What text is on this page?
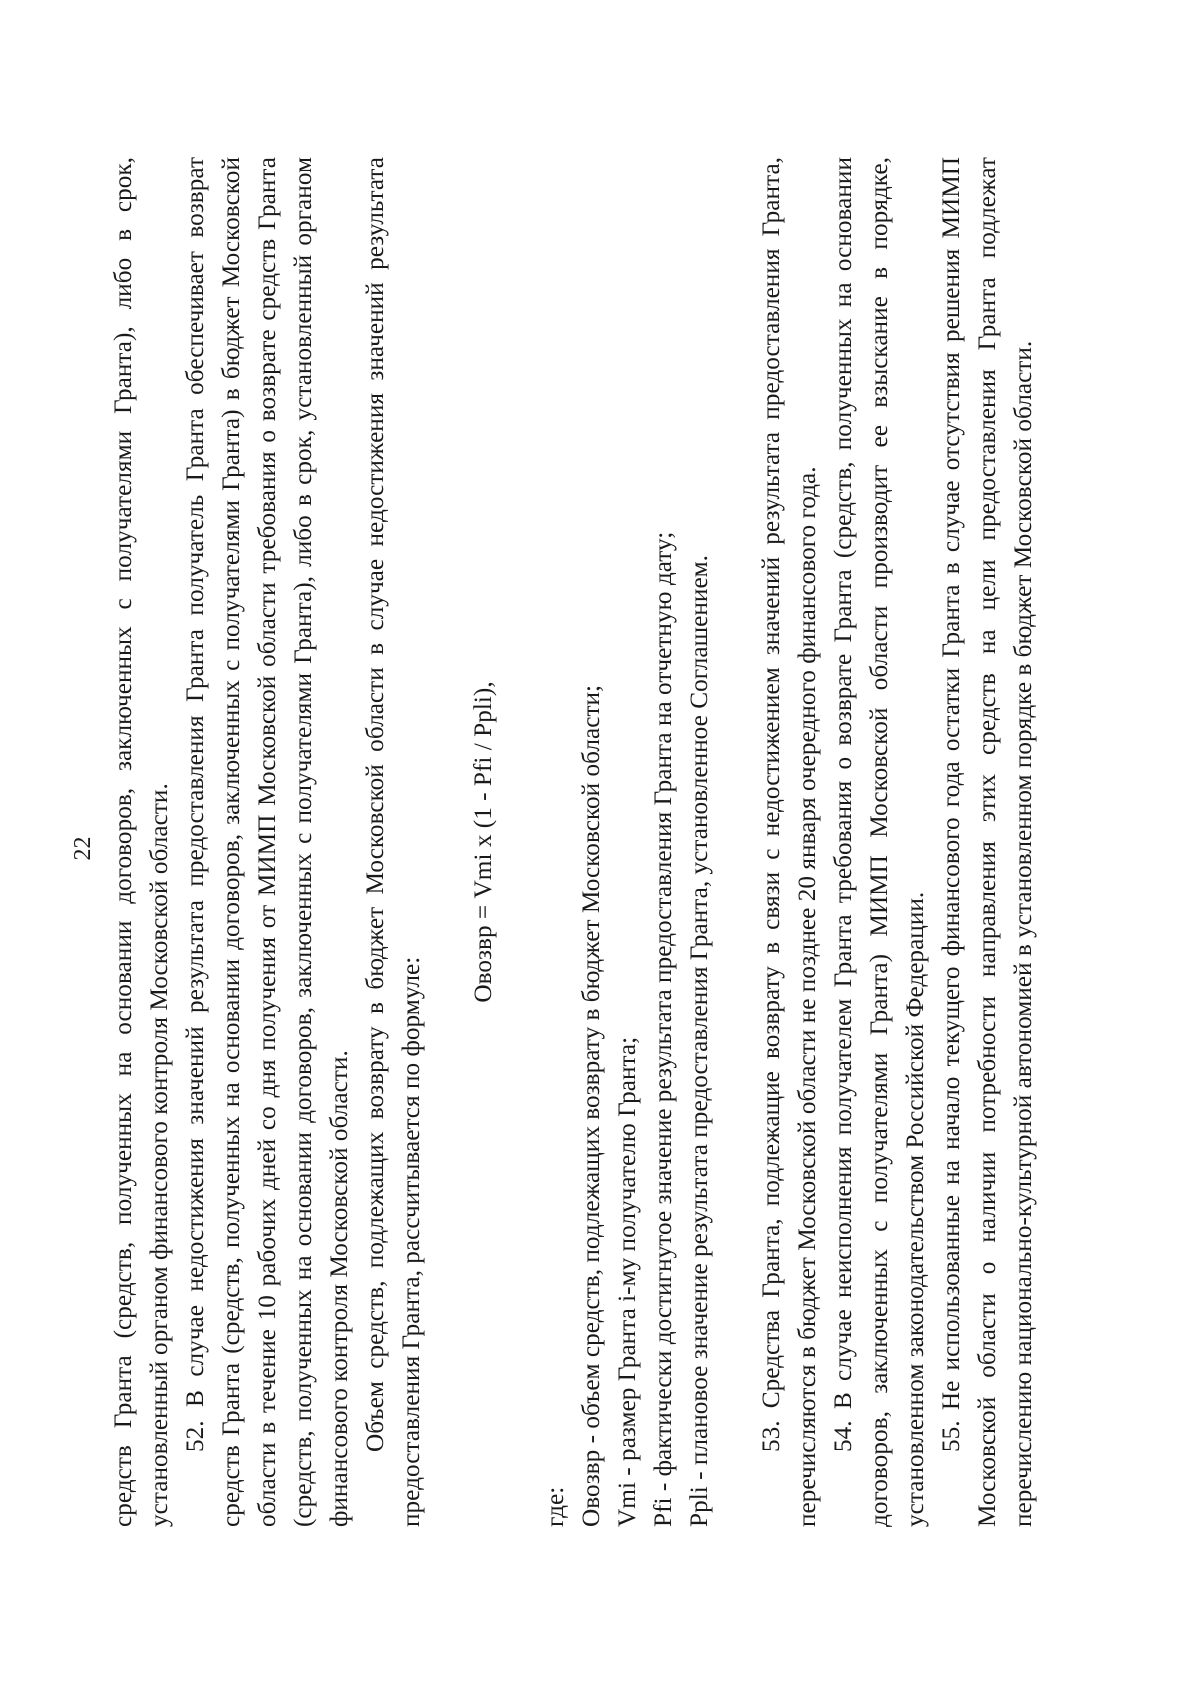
22 средств Гранта (средств, полученных на основании договоров, заключенных с получателями Гранта), либо в срок, установленный органом финансового контроля Московской области. 52. В случае недостижения значений результата предоставления Гранта получатель Гранта обеспечивает возврат средств Гранта (средств, полученных на основании договоров, заключенных с получателями Гранта) в бюджет Московской области в течение 10 рабочих дней со дня получения от МИМП Московской области требования о возврате средств Гранта (средств, полученных на основании договоров, заключенных с получателями Гранта), либо в срок, установленный органом финансового контроля Московской области. Объем средств, подлежащих возврату в бюджет Московской области в случае недостижения значений результата предоставления Гранта, рассчитывается по формуле:

Овозвр = Vmi x (1 - Pfi / Ppli),

где: Овозвр - объем средств, подлежащих возврату в бюджет Московской области; Vmi - размер Гранта i-му получателю Гранта; Pfi - фактически достигнутое значение результата предоставления Гранта на отчетную дату; Ppli - плановое значение результата предоставления Гранта, установленное Соглашением. 53. Средства Гранта, подлежащие возврату в связи с недостижением значений результата предоставления Гранта, перечисляются в бюджет Московской области не позднее 20 января очередного финансового года. 54. В случае неисполнения получателем Гранта требования о возврате Гранта (средств, полученных на основании договоров, заключенных с получателями Гранта) МИМП Московской области производит ее взыскание в порядке, установленном законодательством Российской Федерации. 55. Не использованные на начало текущего финансового года остатки Гранта в случае отсутствия решения МИМП Московской области о наличии потребности направления этих средств на цели предоставления Гранта подлежат перечислению национально-культурной автономией в установленном порядке в бюджет Московской области.
